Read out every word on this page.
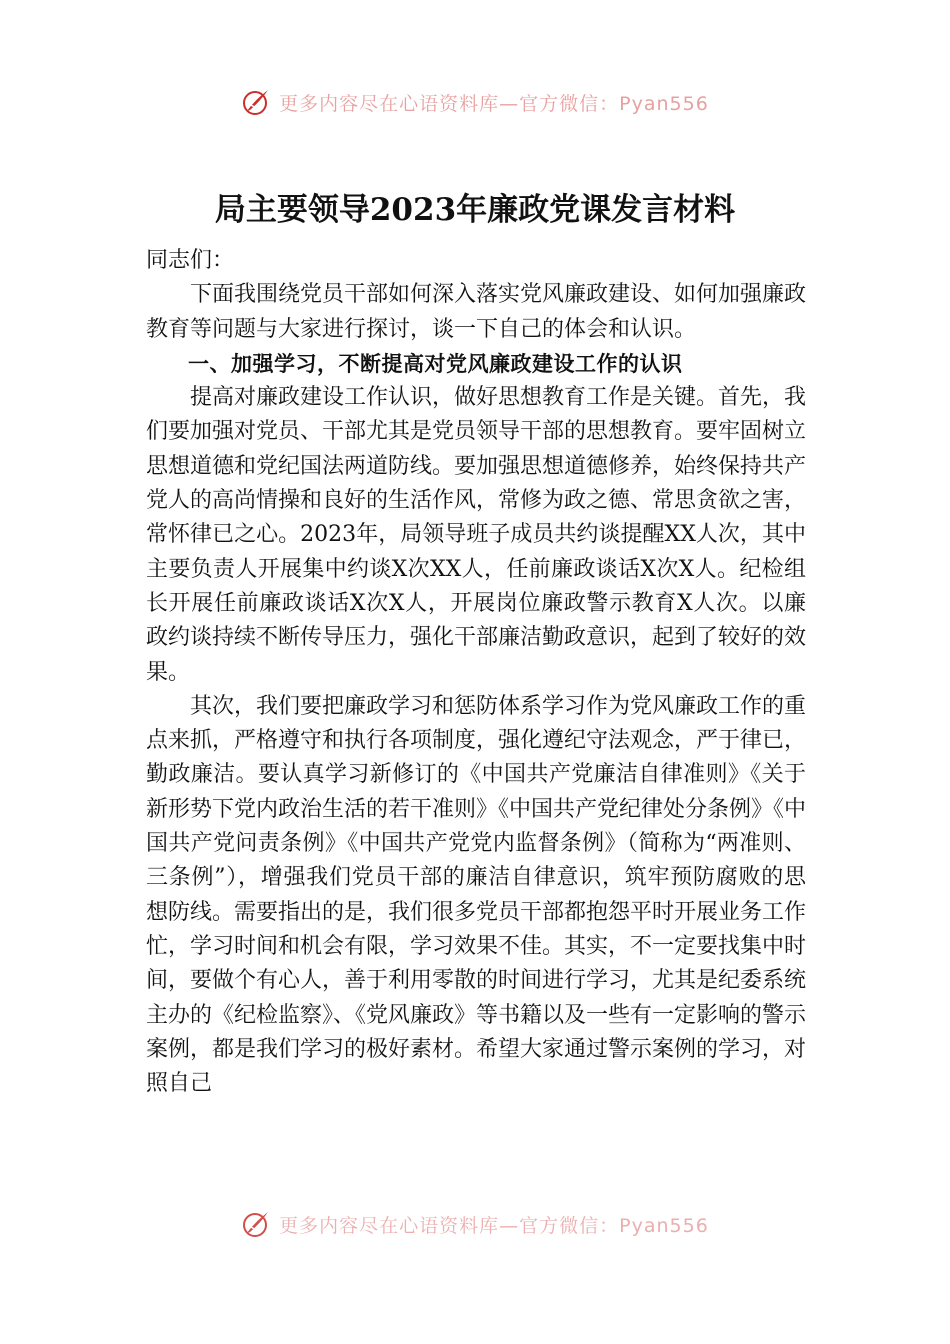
更多内容尽在心语资料库—官方微信：Pyan556
局主要领导2023年廉政党课发言材料

同志们：

下面我围绕党员干部如何深入落实党风廉政建设、如何加强廉政教育等问题与大家进行探讨，谈一下自己的体会和认识。

一、加强学习，不断提高对党风廉政建设工作的认识

提高对廉政建设工作认识，做好思想教育工作是关键。首先，我们要加强对党员、干部尤其是党员领导干部的思想教育。要牢固树立思想道德和党纪国法两道防线。要加强思想道德修养，始终保持共产党人的高尚情操和良好的生活作风，常修为政之德、常思贪欲之害，常怀律已之心。2023年，局领导班子成员共约谈提醒XX人次，其中主要负责人开展集中约谈X次XX人，任前廉政谈话X次X人。纪检组长开展任前廉政谈话X次X人，开展岗位廉政警示教育X人次。以廉政约谈持续不断传导压力，强化干部廉洁勤政意识，起到了较好的效果。

其次，我们要把廉政学习和惩防体系学习作为党风廉政工作的重点来抓，严格遵守和执行各项制度，强化遵纪守法观念，严于律已，勤政廉洁。要认真学习新修订的《中国共产党廉洁自律准则》《关于新形势下党内政治生活的若干准则》《中国共产党纪律处分条例》《中国共产党问责条例》《中国共产党党内监督条例》（简称为“两准则、三条例”），增强我们党员干部的廉洁自律意识，筑牢预防腐败的思想防线。需要指出的是，我们很多党员干部都抱怨平时开展业务工作忙，学习时间和机会有限，学习效果不佳。其实，不一定要找集中时间，要做个有心人，善于利用零散的时间进行学习，尤其是纪委系统主办的《纪检监察》、《党风廉政》等书籍以及一些有一定影响的警示案例，都是我们学习的极好素材。希望大家通过警示案例的学习，对照自己

更多内容尽在心语资料库—官方微信：Pyan556
